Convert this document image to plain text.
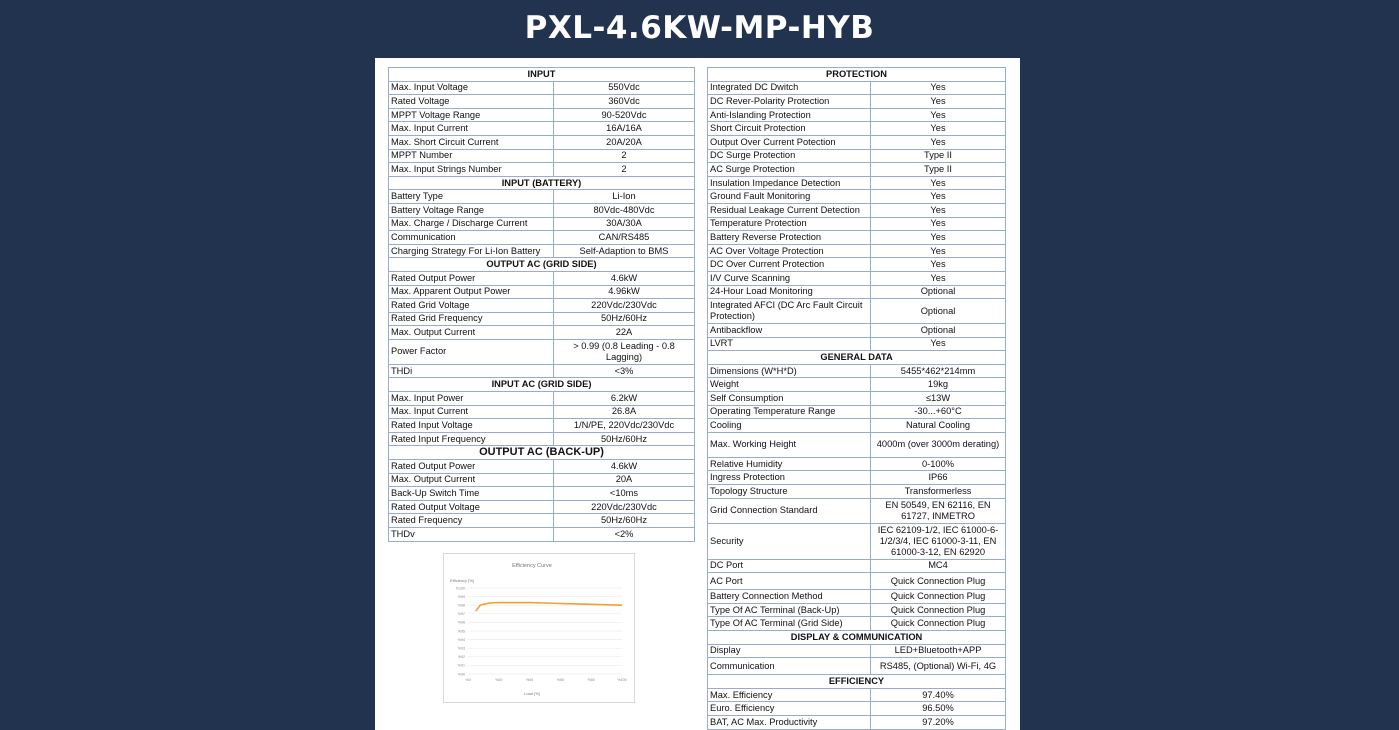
PXL-4.6KW-MP-HYB
INPUT	
Max. Input Voltage	550Vdc
Rated Voltage	360Vdc
MPPT Voltage Range	90-520Vdc
Max. Input Current	16A/16A
Max. Short Circuit Current	20A/20A
MPPT Number	2
Max. Input Strings Number	2
INPUT (BATTERY)	
Battery Type	Li-Ion
Battery Voltage Range	80Vdc-480Vdc
Max. Charge / Discharge Current	30A/30A
Communication	CAN/RS485
Charging Strategy For Li-Ion Battery	Self-Adaption to BMS
OUTPUT AC (GRID SIDE)	
Rated Output Power	4.6kW
Max. Apparent Output Power	4.96kW
Rated Grid Voltage	220Vdc/230Vdc
Rated Grid Frequency	50Hz/60Hz
Max. Output Current	22A
Power Factor	> 0.99 (0.8 Leading - 0.8 Lagging)
THDi	<3%
INPUT AC (GRID SIDE)	
Max. Input Power	6.2kW
Max. Input Current	26.8A
Rated Input Voltage	1/N/PE, 220Vdc/230Vdc
Rated Input Frequency	50Hz/60Hz
OUTPUT AC (BACK-UP)	
Rated Output Power	4.6kW
Max. Output Current	20A
Back-Up Switch Time	<10ms
Rated Output Voltage	220Vdc/230Vdc
Rated Frequency	50Hz/60Hz
THDv	<2%
PROTECTION	
Integrated DC Dwitch	Yes
DC Rever-Polarity Protection	Yes
Anti-Islanding Protection	Yes
Short Circuit Protection	Yes
Output Over Current Potection	Yes
DC Surge Protection	Type II
AC Surge Protection	Type II
Insulation Impedance Detection	Yes
Ground Fault Monitoring	Yes
Residual Leakage Current Detection	Yes
Temperature Protection	Yes
Battery Reverse Protection	Yes
AC Over Voltage Protection	Yes
DC Over Current Protection	Yes
I/V Curve Scanning	Yes
24-Hour Load Monitoring	Optional
Integrated AFCI (DC Arc Fault Circuit Protection)	Optional
Antibackflow	Optional
LVRT	Yes
GENERAL DATA	
Dimensions (W*H*D)	5455*462*214mm
Weight	19kg
Self Consumption	≤13W
Operating Temperature Range	-30...+60°C
Cooling	Natural Cooling
Max. Working Height	4000m (over 3000m derating)
Relative Humidity	0-100%
Ingress Protection	IP66
Topology Structure	Transformerless
Grid Connection Standard	EN 50549, EN 62116, EN 61727, INMETRO
Security	IEC 62109-1/2, IEC 61000-6-1/2/3/4, IEC 61000-3-11, EN 61000-3-12, EN 62920
DC Port	MC4
AC Port	Quick Connection Plug
Battery Connection Method	Quick Connection Plug
Type Of AC Terminal (Back-Up)	Quick Connection Plug
Type Of AC Terminal (Grid Side)	Quick Connection Plug
DISPLAY & COMMUNICATION	
Display	LED+Bluetooth+APP
Communication	RS485, (Optional) Wi-Fi, 4G
EFFICIENCY	
Max. Efficiency	97.40%
Euro. Efficiency	96.50%
BAT, AC Max. Productivity	97.20%
Efficiency Curve
Efficiency [%]
Load [%]
%100
%99
%98
%97
%96
%95
%94
%93
%92
%91
%90
%0	%20	%40	%60	%80	%100
